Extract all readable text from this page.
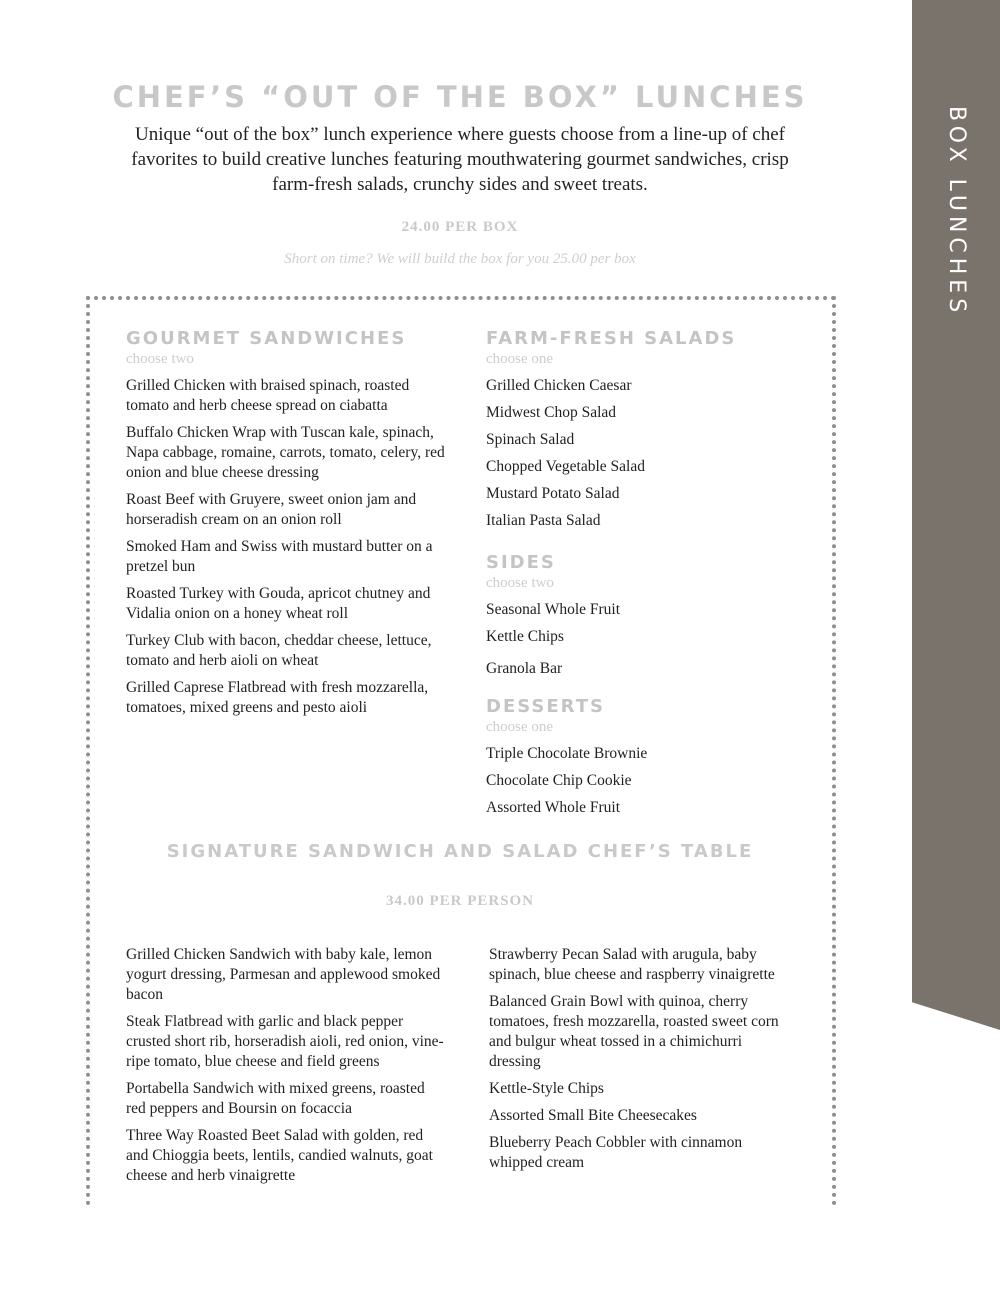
BOX LUNCHES
CHEF’S “OUT OF THE BOX” LUNCHES
Unique “out of the box” lunch experience where guests choose from a line-up of chef favorites to build creative lunches featuring mouthwatering gourmet sandwiches, crisp farm-fresh salads, crunchy sides and sweet treats.
24.00 PER BOX
Short on time? We will build the box for you 25.00 per box

GOURMET SANDWICHES

choose two

Grilled Chicken with braised spinach, roasted tomato and herb cheese spread on ciabatta

Buffalo Chicken Wrap with Tuscan kale, spinach, Napa cabbage, romaine, carrots, tomato, celery, red onion and blue cheese dressing

Roast Beef with Gruyere, sweet onion jam and horseradish cream on an onion roll

Smoked Ham and Swiss with mustard butter on a pretzel bun

Roasted Turkey with Gouda, apricot chutney and Vidalia onion on a honey wheat roll

Turkey Club with bacon, cheddar cheese, lettuce, tomato and herb aioli on wheat

Grilled Caprese Flatbread with fresh mozzarella, tomatoes, mixed greens and pesto aioli

FARM-FRESH SALADS

choose one

Grilled Chicken Caesar

Midwest Chop Salad

Spinach Salad

Chopped Vegetable Salad

Mustard Potato Salad

Italian Pasta Salad

SIDES

choose two

Seasonal Whole Fruit

Kettle Chips

Granola Bar

DESSERTS

choose one

Triple Chocolate Brownie

Chocolate Chip Cookie

Assorted Whole Fruit

SIGNATURE SANDWICH AND SALAD CHEF’S TABLE
34.00 PER PERSON

Grilled Chicken Sandwich with baby kale, lemon yogurt dressing, Parmesan and applewood smoked bacon

Steak Flatbread with garlic and black pepper crusted short rib, horseradish aioli, red onion, vine-ripe tomato, blue cheese and field greens

Portabella Sandwich with mixed greens, roasted red peppers and Boursin on focaccia

Three Way Roasted Beet Salad with golden, red and Chioggia beets, lentils, candied walnuts, goat cheese and herb vinaigrette

Strawberry Pecan Salad with arugula, baby spinach, blue cheese and raspberry vinaigrette

Balanced Grain Bowl with quinoa, cherry tomatoes, fresh mozzarella, roasted sweet corn and bulgur wheat tossed in a chimichurri dressing

Kettle-Style Chips

Assorted Small Bite Cheesecakes

Blueberry Peach Cobbler with cinnamon whipped cream
